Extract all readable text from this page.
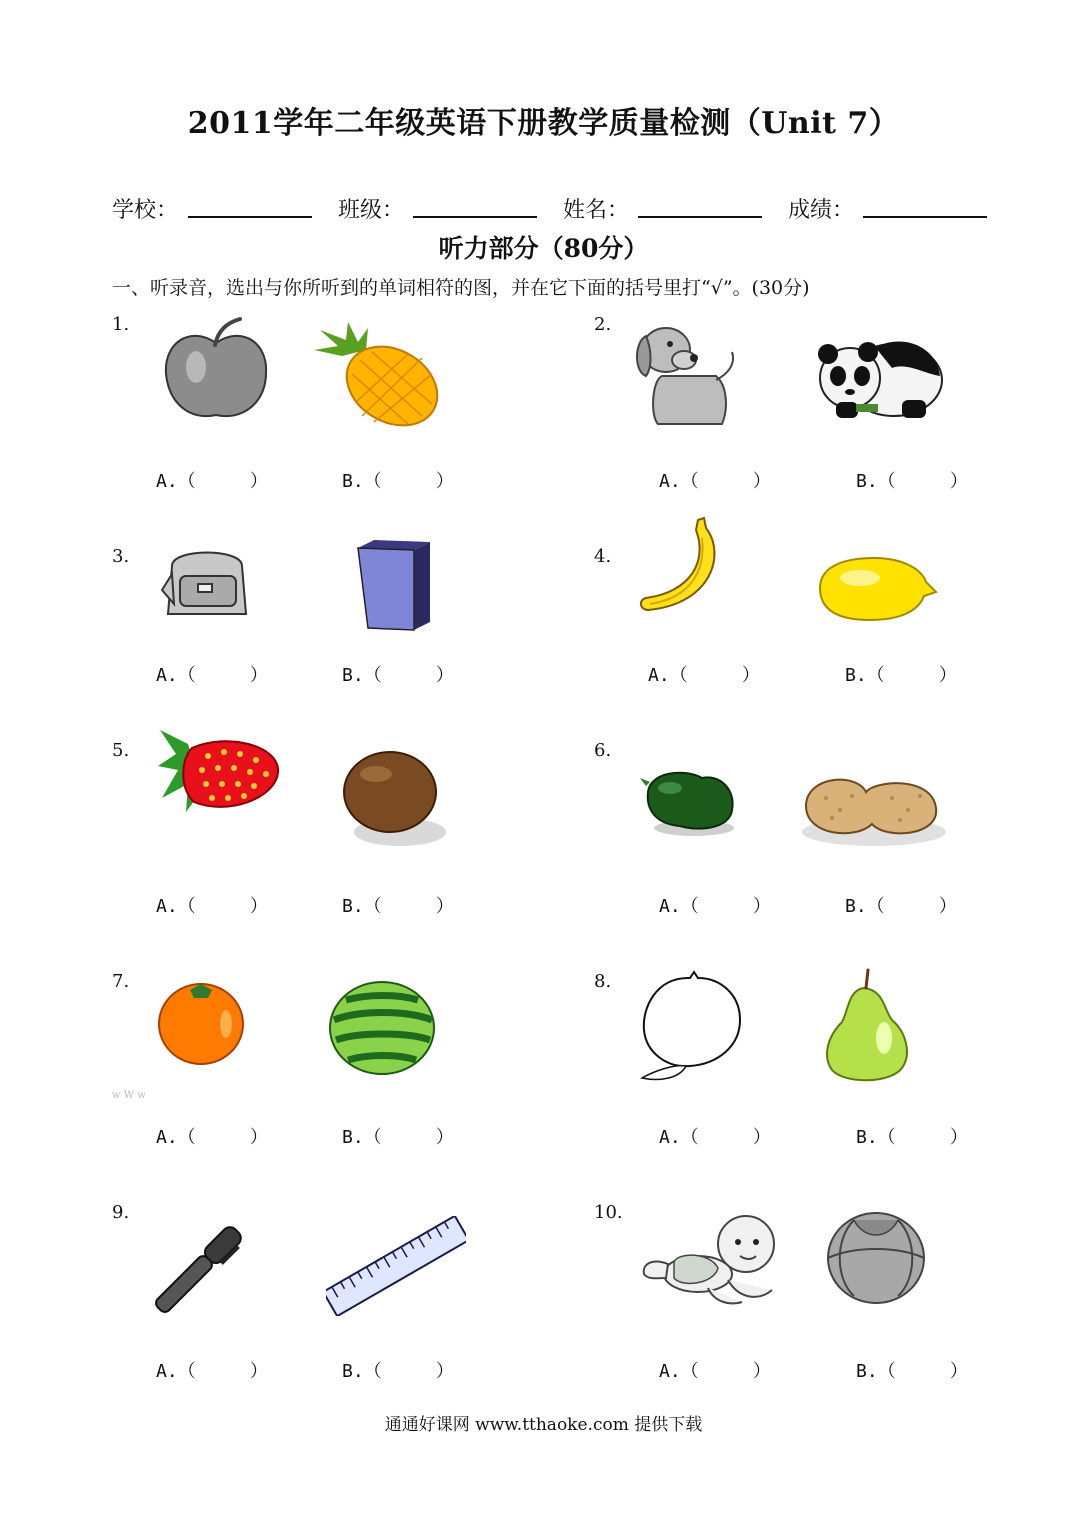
2011学年二年级英语下册教学质量检测（Unit 7）
学校：	班级：	姓名：	成绩：
听力部分（80分）
一、听录音，选出与你所听到的单词相符的图，并在它下面的括号里打“√”。(30分)
1.
A.（     ）	B.（     ）
2.
A.（     ）	B.（     ）
3.
A.（     ）	B.（     ）
4.
A.（     ）	B.（     ）
5.
A.（     ）	B.（     ）
6.
A.（     ）	B.（     ）
7.
w W w
A.（     ）	B.（     ）
8.
A.（     ）	B.（     ）
9.
A.（     ）	B.（     ）
10.
A.（     ）	B.（     ）
通通好课网 www.tthaoke.com 提供下载
